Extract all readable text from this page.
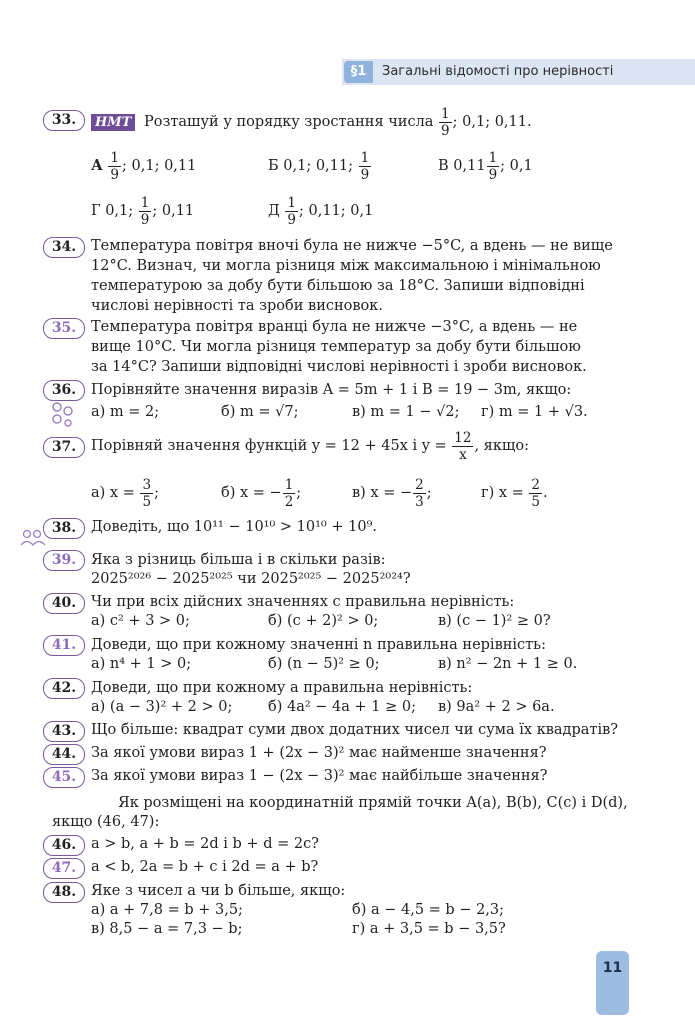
§1	Загальні відомості про нерівності
33.	НМТ Розташуй у порядку зростання числа $\frac{1}{9}$ ; 0,1; 0,11.
А $\frac{1}{9}$ ; 0,1; 0,11	Б 0,1; 0,11; $\frac{1}{9}$	В $0,11 \frac{1}{9}$ ; 0,1
Г 0,1; $\frac{1}{9}$ ; 0,11	Д $\frac{1}{9}$ ; 0,11; 0,1
34.	Температура повітря вночі була не нижче −5°C, а вдень — не вище
12°C. Визнач, чи могла різниця між максимальною і мінімальною
температурою за добу бути більшою за 18°C. Запиши відповідні
числові нерівності та зроби висновок.
35.	Температура повітря вранці була не нижче −3°C, а вдень — не
вище 10°C. Чи могла різниця температур за добу бути більшою
за 14°C? Запиши відповідні числові нерівності і зроби висновок.
36.	Порівняйте значення виразів A = 5m + 1 і B = 19 − 3m, якщо:
а) m = 2;	б) m = √7;	в) m = 1 − √2; г) m = 1 + √3.
37.	Порівняй значення функцій y = 12 + 45x і $y = \frac{12}{x}$ , якщо:
а) $x = \frac{3}{5}$ ;	б) x = − $\frac{1}{2}$ ;	в) x = − $\frac{2}{3}$ ;	г) $x = \frac{2}{5}$ .
38.	Доведіть, що 10¹¹ − 10¹⁰ > 10¹⁰ + 10⁹.
39.	Яка з різниць більша і в скільки разів:
2025²⁰²⁶ − 2025²⁰²⁵ чи 2025²⁰²⁵ − 2025²⁰²⁴?
40.	Чи при всіх дійсних значеннях c правильна нерівність:
а) c² + 3 > 0;	б) (c + 2)² > 0;	в) (c − 1)² ≥ 0?
41.	Доведи, що при кожному значенні n правильна нерівність:
а) n⁴ + 1 > 0;	б) (n − 5)² ≥ 0;	в) n² − 2n + 1 ≥ 0.
42.	Доведи, що при кожному a правильна нерівність:
а) (a − 3)² + 2 > 0; б) 4a² − 4a + 1 ≥ 0; в) 9a² + 2 > 6a.
43.	Що більше: квадрат суми двох додатних чисел чи сума їх квадратів?
44.	За якої умови вираз 1 + (2x − 3)² має найменше значення?
45.	За якої умови вираз 1 − (2x − 3)² має найбільше значення?
Як розміщені на координатній прямій точки A(a), B(b), C(c) і D(d),
якщо (46, 47):
46.	a > b, a + b = 2d і b + d = 2c?
47.	a < b, 2a = b + c і 2d = a + b?
48.	Яке з чисел a чи b більше, якщо:
а) a + 7,8 = b + 3,5;	б) a − 4,5 = b − 2,3;
в) 8,5 − a = 7,3 − b;	г) a + 3,5 = b − 3,5?
11
